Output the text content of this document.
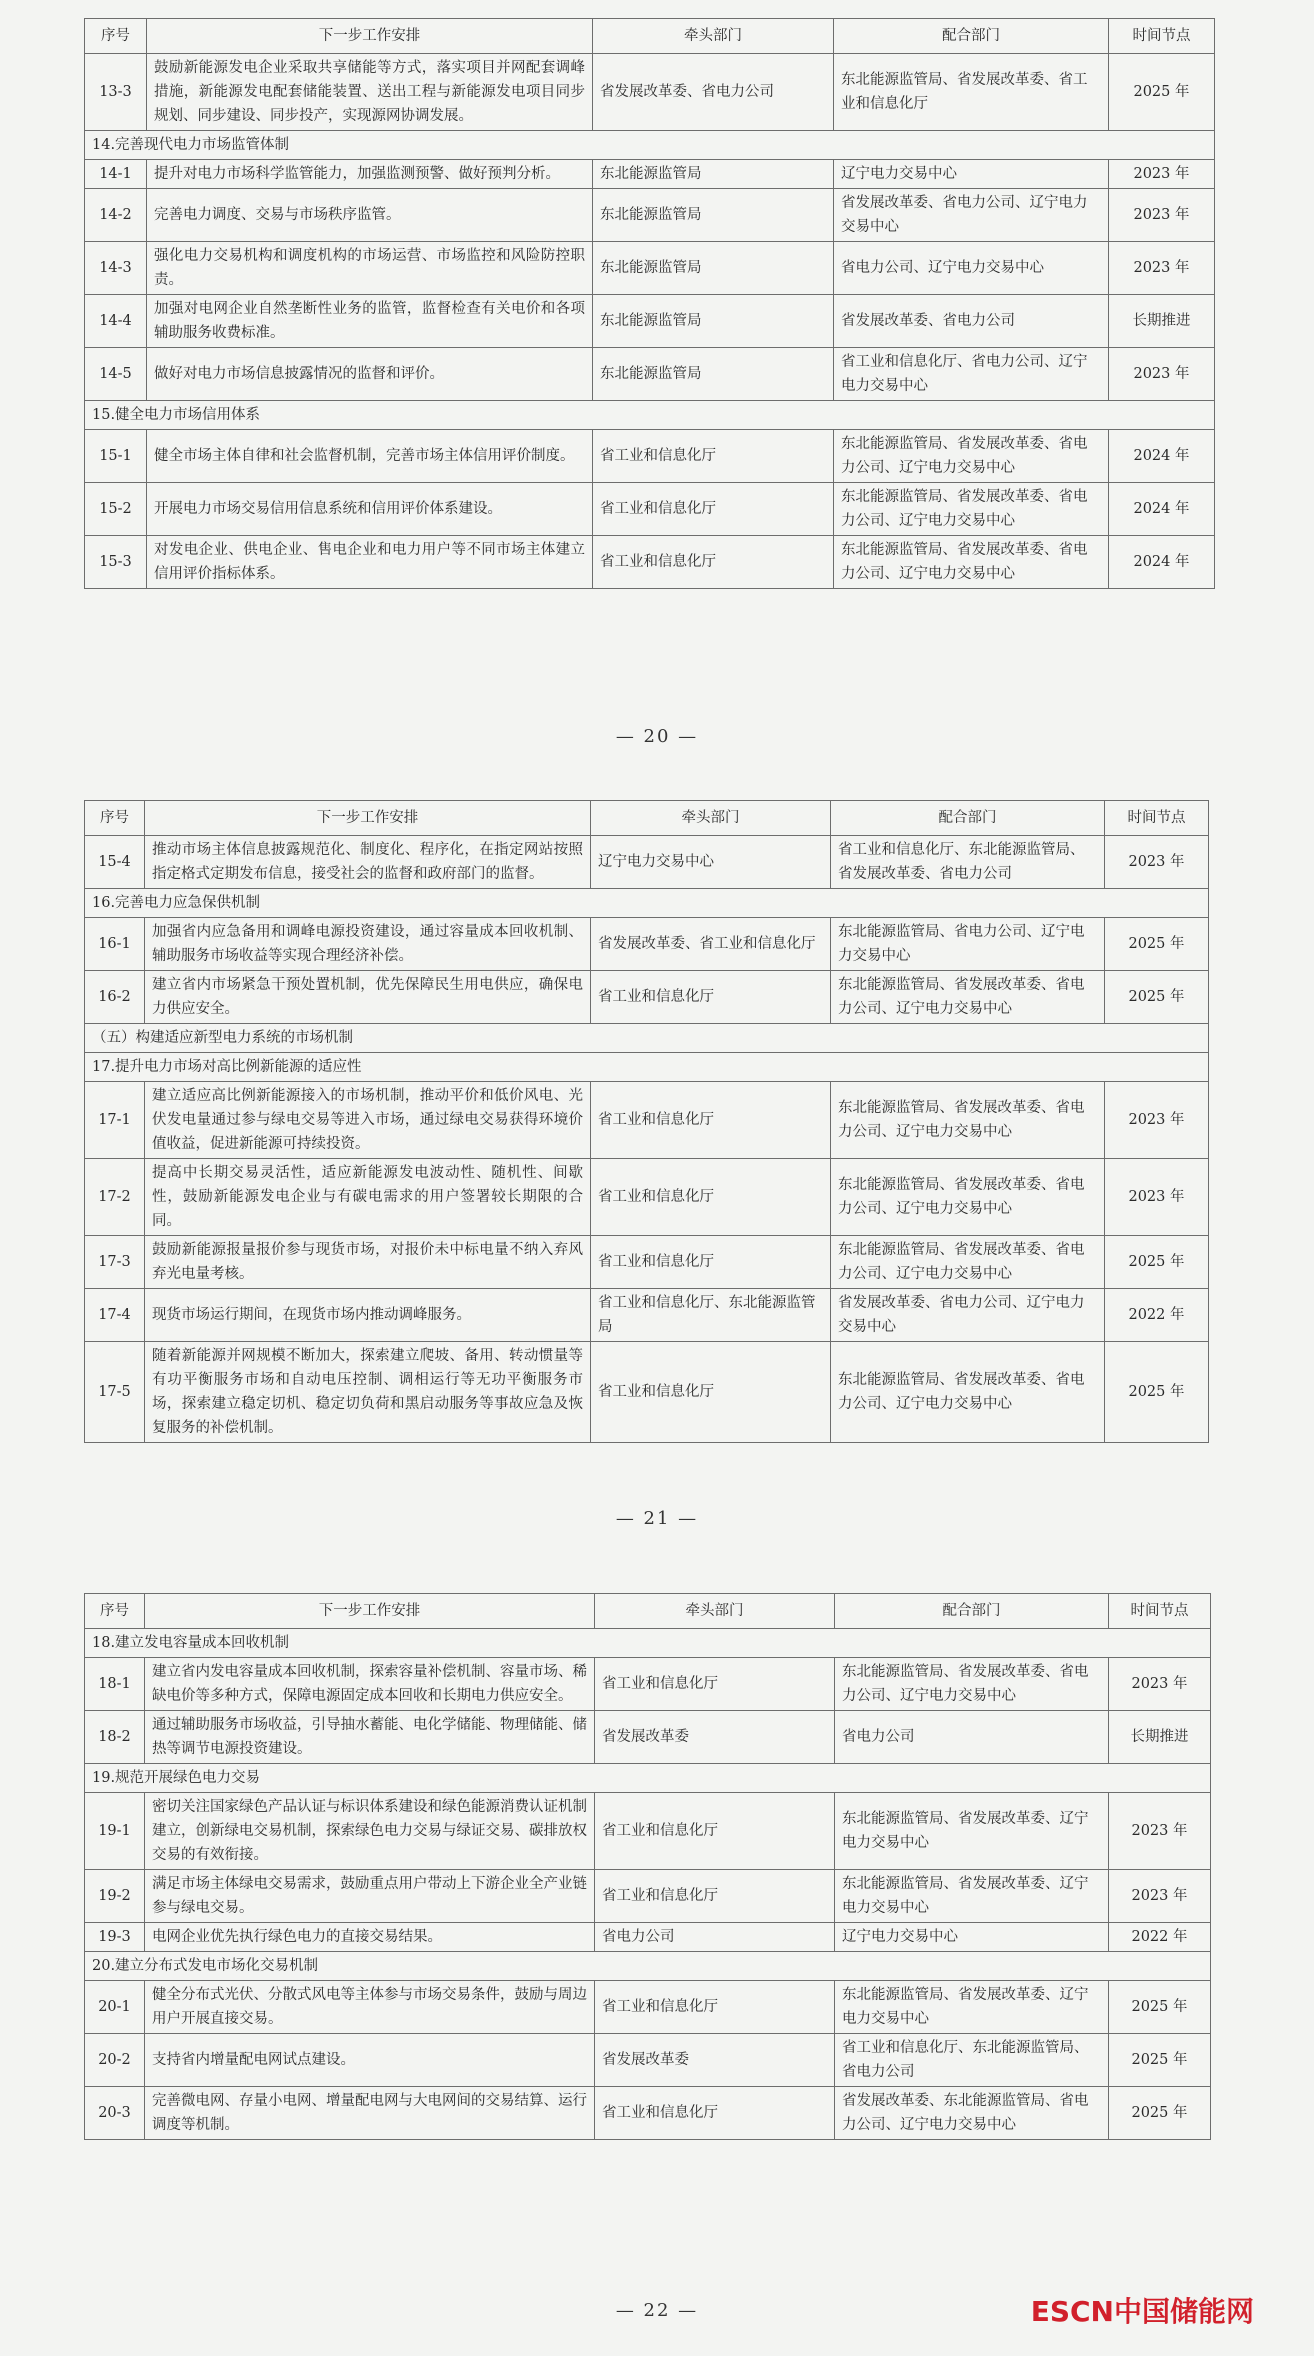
序号	下一步工作安排	牵头部门	配合部门	时间节点
13-3	鼓励新能源发电企业采取共享储能等方式，落实项目并网配套调峰措施，新能源发电配套储能装置、送出工程与新能源发电项目同步规划、同步建设、同步投产，实现源网协调发展。	省发展改革委、省电力公司	东北能源监管局、省发展改革委、省工业和信息化厅	2025 年
14.完善现代电力市场监管体制				
14-1	提升对电力市场科学监管能力，加强监测预警、做好预判分析。	东北能源监管局	辽宁电力交易中心	2023 年
14-2	完善电力调度、交易与市场秩序监管。	东北能源监管局	省发展改革委、省电力公司、辽宁电力交易中心	2023 年
14-3	强化电力交易机构和调度机构的市场运营、市场监控和风险防控职责。	东北能源监管局	省电力公司、辽宁电力交易中心	2023 年
14-4	加强对电网企业自然垄断性业务的监管，监督检查有关电价和各项辅助服务收费标准。	东北能源监管局	省发展改革委、省电力公司	长期推进
14-5	做好对电力市场信息披露情况的监督和评价。	东北能源监管局	省工业和信息化厅、省电力公司、辽宁电力交易中心	2023 年
15.健全电力市场信用体系				
15-1	健全市场主体自律和社会监督机制，完善市场主体信用评价制度。	省工业和信息化厅	东北能源监管局、省发展改革委、省电力公司、辽宁电力交易中心	2024 年
15-2	开展电力市场交易信用信息系统和信用评价体系建设。	省工业和信息化厅	东北能源监管局、省发展改革委、省电力公司、辽宁电力交易中心	2024 年
15-3	对发电企业、供电企业、售电企业和电力用户等不同市场主体建立信用评价指标体系。	省工业和信息化厅	东北能源监管局、省发展改革委、省电力公司、辽宁电力交易中心	2024 年
— 20 —
序号	下一步工作安排	牵头部门	配合部门	时间节点
15-4	推动市场主体信息披露规范化、制度化、程序化，在指定网站按照指定格式定期发布信息，接受社会的监督和政府部门的监督。	辽宁电力交易中心	省工业和信息化厅、东北能源监管局、省发展改革委、省电力公司	2023 年
16.完善电力应急保供机制				
16-1	加强省内应急备用和调峰电源投资建设，通过容量成本回收机制、辅助服务市场收益等实现合理经济补偿。	省发展改革委、省工业和信息化厅	东北能源监管局、省电力公司、辽宁电力交易中心	2025 年
16-2	建立省内市场紧急干预处置机制，优先保障民生用电供应，确保电力供应安全。	省工业和信息化厅	东北能源监管局、省发展改革委、省电力公司、辽宁电力交易中心	2025 年
（五）构建适应新型电力系统的市场机制				
17.提升电力市场对高比例新能源的适应性				
17-1	建立适应高比例新能源接入的市场机制，推动平价和低价风电、光伏发电量通过参与绿电交易等进入市场，通过绿电交易获得环境价值收益，促进新能源可持续投资。	省工业和信息化厅	东北能源监管局、省发展改革委、省电力公司、辽宁电力交易中心	2023 年
17-2	提高中长期交易灵活性，适应新能源发电波动性、随机性、间歇性，鼓励新能源发电企业与有碳电需求的用户签署较长期限的合同。	省工业和信息化厅	东北能源监管局、省发展改革委、省电力公司、辽宁电力交易中心	2023 年
17-3	鼓励新能源报量报价参与现货市场，对报价未中标电量不纳入弃风弃光电量考核。	省工业和信息化厅	东北能源监管局、省发展改革委、省电力公司、辽宁电力交易中心	2025 年
17-4	现货市场运行期间，在现货市场内推动调峰服务。	省工业和信息化厅、东北能源监管局	省发展改革委、省电力公司、辽宁电力交易中心	2022 年
17-5	随着新能源并网规模不断加大，探索建立爬坡、备用、转动惯量等有功平衡服务市场和自动电压控制、调相运行等无功平衡服务市场，探索建立稳定切机、稳定切负荷和黑启动服务等事故应急及恢复服务的补偿机制。	省工业和信息化厅	东北能源监管局、省发展改革委、省电力公司、辽宁电力交易中心	2025 年
— 21 —
序号	下一步工作安排	牵头部门	配合部门	时间节点
18.建立发电容量成本回收机制				
18-1	建立省内发电容量成本回收机制，探索容量补偿机制、容量市场、稀缺电价等多种方式，保障电源固定成本回收和长期电力供应安全。	省工业和信息化厅	东北能源监管局、省发展改革委、省电力公司、辽宁电力交易中心	2023 年
18-2	通过辅助服务市场收益，引导抽水蓄能、电化学储能、物理储能、储热等调节电源投资建设。	省发展改革委	省电力公司	长期推进
19.规范开展绿色电力交易				
19-1	密切关注国家绿色产品认证与标识体系建设和绿色能源消费认证机制建立，创新绿电交易机制，探索绿色电力交易与绿证交易、碳排放权交易的有效衔接。	省工业和信息化厅	东北能源监管局、省发展改革委、辽宁电力交易中心	2023 年
19-2	满足市场主体绿电交易需求，鼓励重点用户带动上下游企业全产业链参与绿电交易。	省工业和信息化厅	东北能源监管局、省发展改革委、辽宁电力交易中心	2023 年
19-3	电网企业优先执行绿色电力的直接交易结果。	省电力公司	辽宁电力交易中心	2022 年
20.建立分布式发电市场化交易机制				
20-1	健全分布式光伏、分散式风电等主体参与市场交易条件，鼓励与周边用户开展直接交易。	省工业和信息化厅	东北能源监管局、省发展改革委、辽宁电力交易中心	2025 年
20-2	支持省内增量配电网试点建设。	省发展改革委	省工业和信息化厅、东北能源监管局、省电力公司	2025 年
20-3	完善微电网、存量小电网、增量配电网与大电网间的交易结算、运行调度等机制。	省工业和信息化厅	省发展改革委、东北能源监管局、省电力公司、辽宁电力交易中心	2025 年
— 22 —	ESCN中国储能网
